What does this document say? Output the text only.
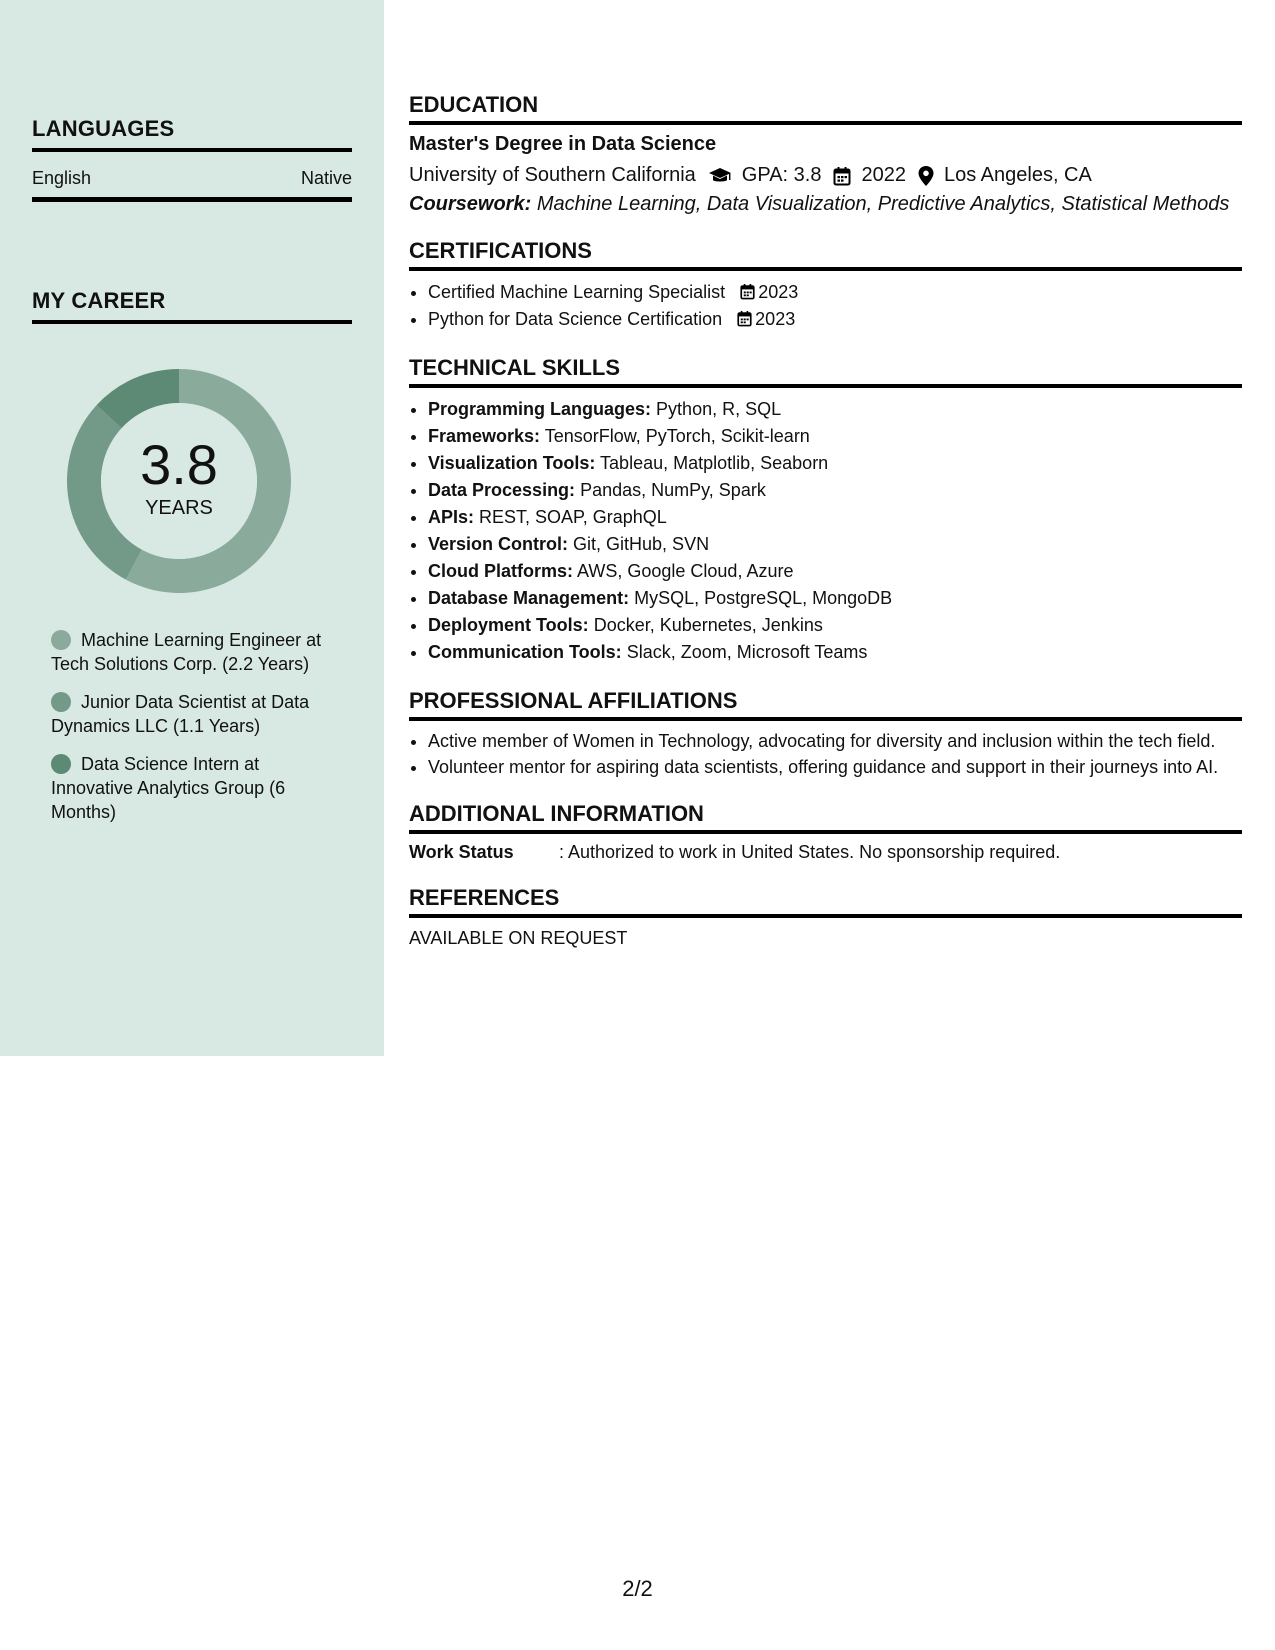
LANGUAGES
English	Native
MY CAREER
3.8
YEARS
Machine Learning Engineer at Tech Solutions Corp. (2.2 Years)
Junior Data Scientist at Data Dynamics LLC (1.1 Years)
Data Science Intern at Innovative Analytics Group (6 Months)
EDUCATION
Master's Degree in Data Science
University of Southern California GPA: 3.8 2022 Los Angeles, CA
Coursework: Machine Learning, Data Visualization, Predictive Analytics, Statistical Methods
CERTIFICATIONS
• Certified Machine Learning Specialist 2023
• Python for Data Science Certification 2023
TECHNICAL SKILLS
• Programming Languages: Python, R, SQL
• Frameworks: TensorFlow, PyTorch, Scikit-learn
• Visualization Tools: Tableau, Matplotlib, Seaborn
• Data Processing: Pandas, NumPy, Spark
• APIs: REST, SOAP, GraphQL
• Version Control: Git, GitHub, SVN
• Cloud Platforms: AWS, Google Cloud, Azure
• Database Management: MySQL, PostgreSQL, MongoDB
• Deployment Tools: Docker, Kubernetes, Jenkins
• Communication Tools: Slack, Zoom, Microsoft Teams
PROFESSIONAL AFFILIATIONS
• Active member of Women in Technology, advocating for diversity and inclusion within the tech field.
• Volunteer mentor for aspiring data scientists, offering guidance and support in their journeys into AI.
ADDITIONAL INFORMATION
Work Status	: Authorized to work in United States. No sponsorship required.
REFERENCES
AVAILABLE ON REQUEST
2/2
